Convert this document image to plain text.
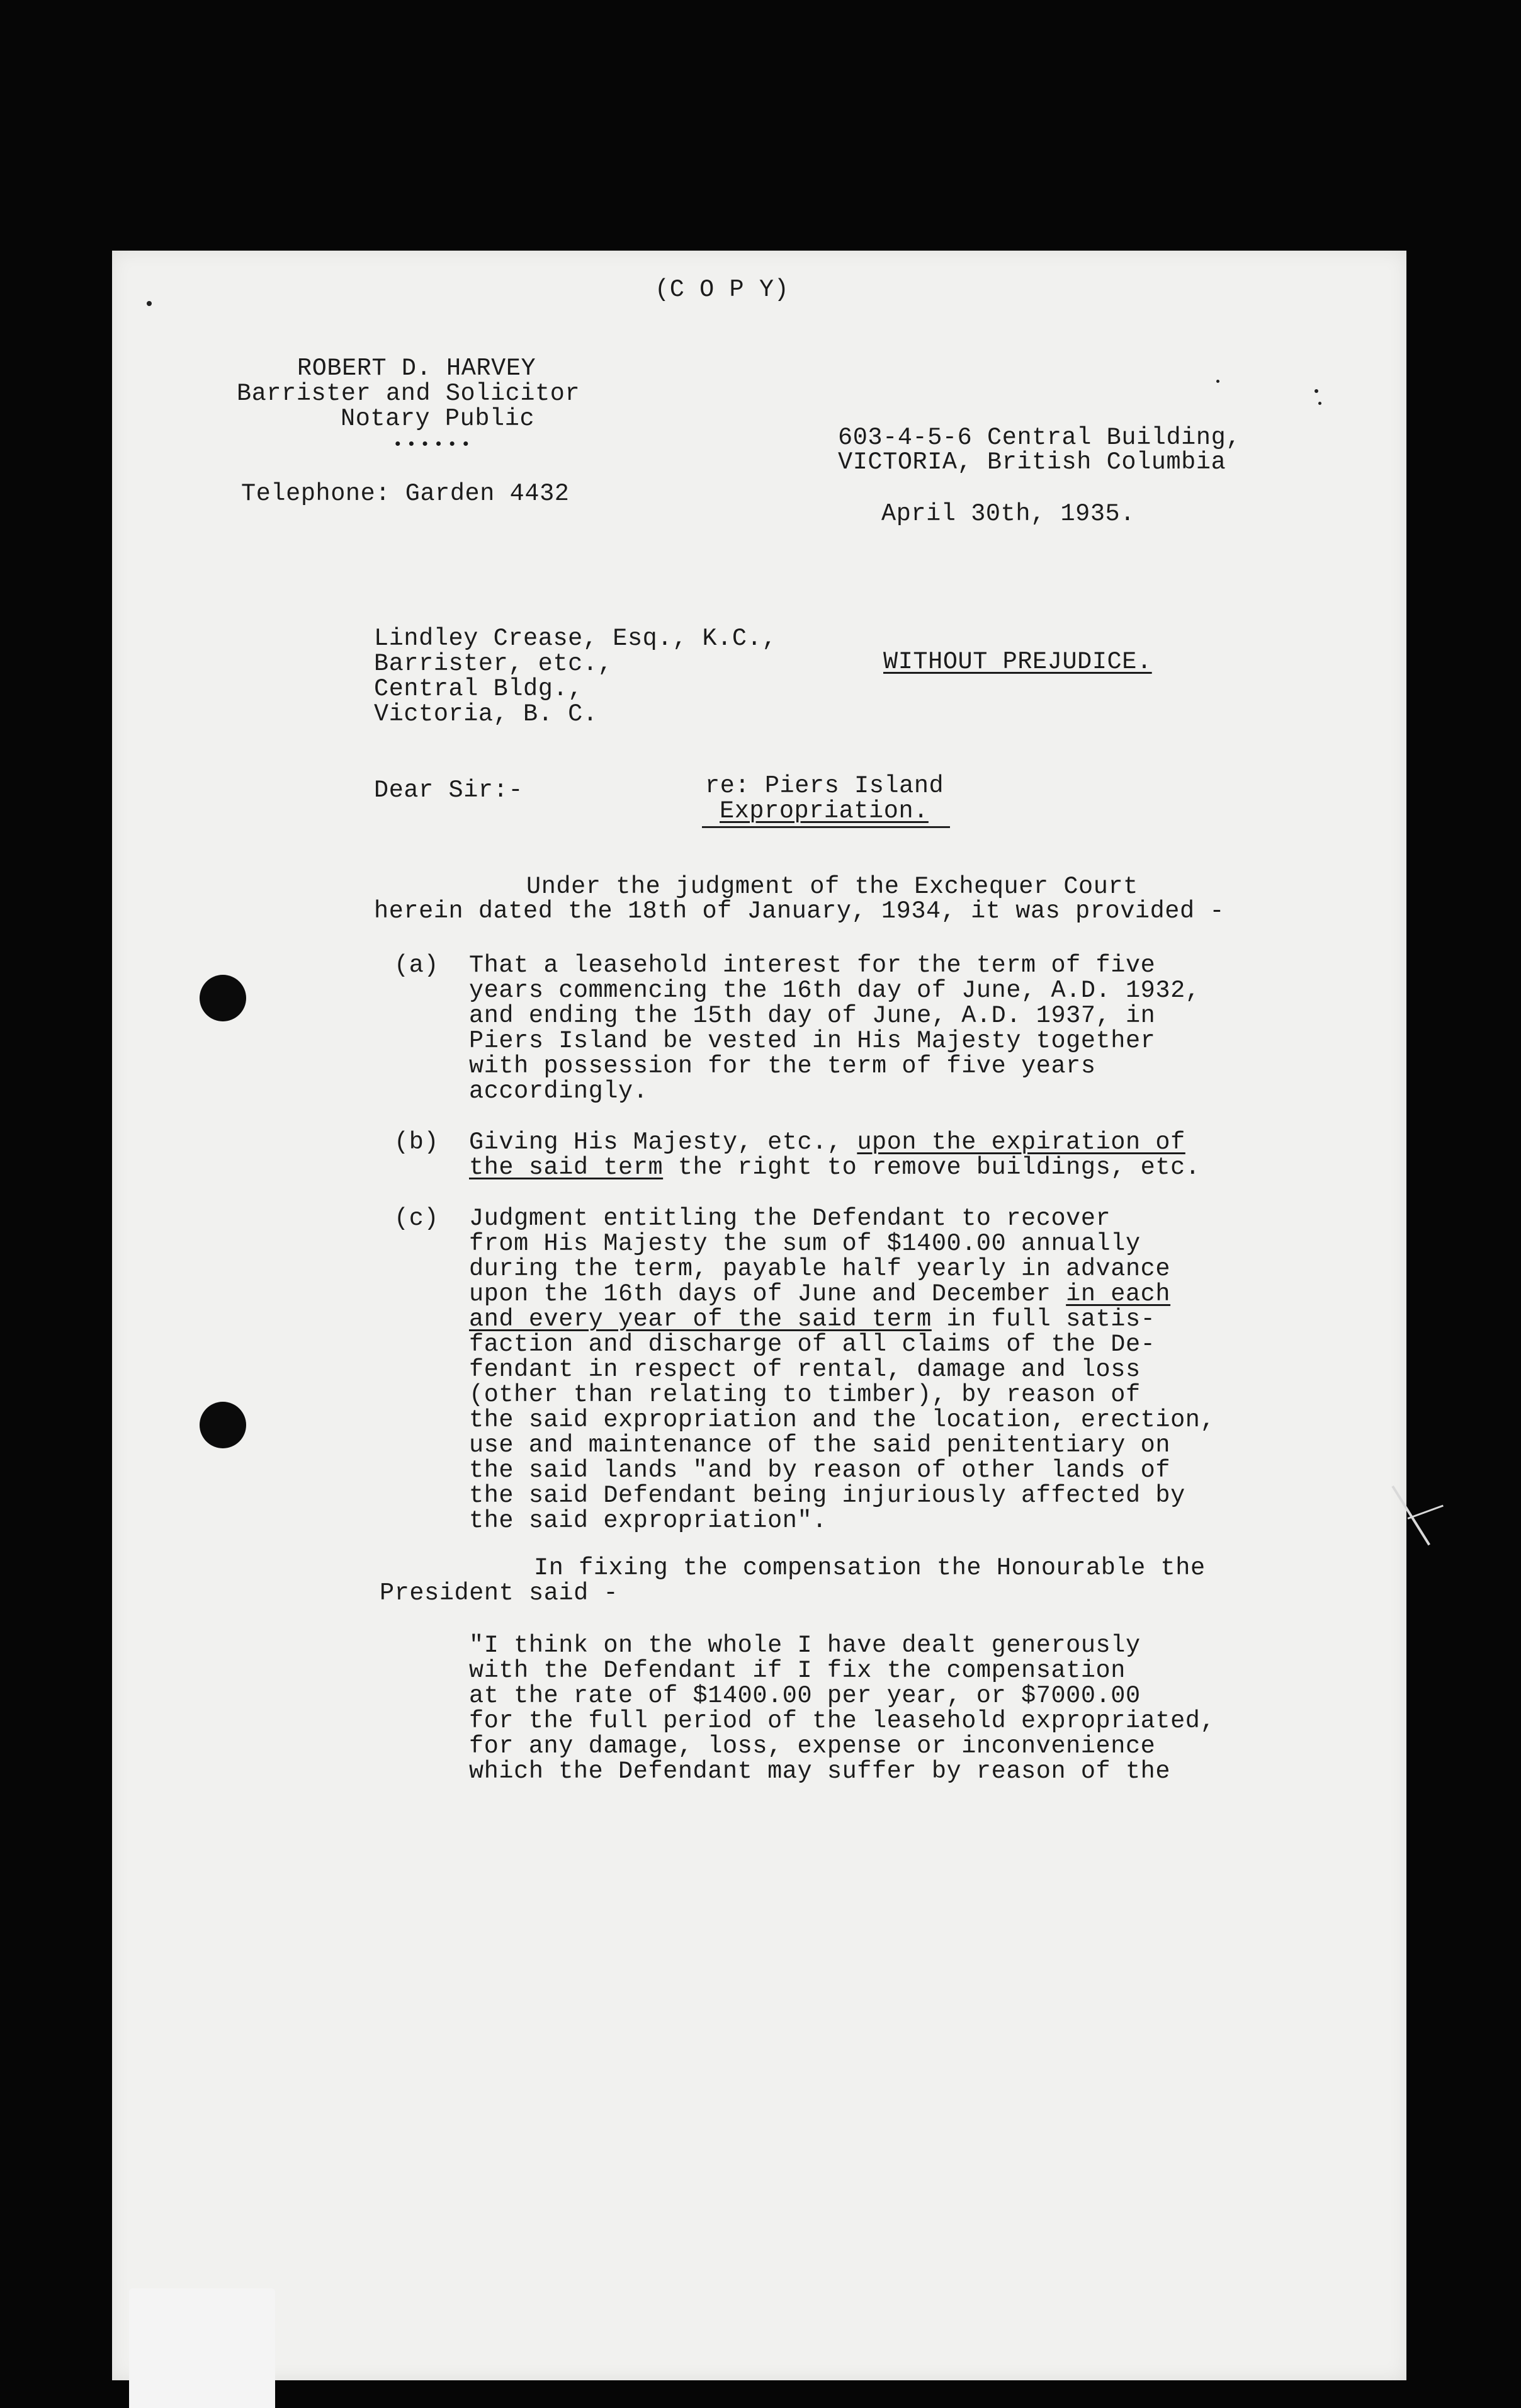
(C O P Y)

ROBERT D. HARVEY

Barrister and Solicitor

Notary Public

••••••

Telephone: Garden 4432

603-4-5-6 Central Building,

VICTORIA, British Columbia

April 30th, 1935.

Lindley Crease, Esq., K.C.,

Barrister, etc.,

Central Bldg.,

Victoria, B. C.

WITHOUT PREJUDICE.

Dear Sir:-	re: Piers Island

Expropriation.

Under the judgment of the Exchequer Court

herein dated the 18th of January, 1934, it was provided -

(a) That a leasehold interest for the term of five

years commencing the 16th day of June, A.D. 1932,

and ending the 15th day of June, A.D. 1937, in

Piers Island be vested in His Majesty together

with possession for the term of five years

accordingly.

(b) Giving His Majesty, etc., upon the expiration of

the said term the right to remove buildings, etc.

(c) Judgment entitling the Defendant to recover

from His Majesty the sum of $1400.00 annually

during the term, payable half yearly in advance

upon the 16th days of June and December in each

and every year of the said term in full satis-

faction and discharge of all claims of the De-

fendant in respect of rental, damage and loss

(other than relating to timber), by reason of

the said expropriation and the location, erection,

use and maintenance of the said penitentiary on

the said lands "and by reason of other lands of

the said Defendant being injuriously affected by

the said expropriation".

In fixing the compensation the Honourable the

President said -

"I think on the whole I have dealt generously

with the Defendant if I fix the compensation

at the rate of $1400.00 per year, or $7000.00

for the full period of the leasehold expropriated,

for any damage, loss, expense or inconvenience

which the Defendant may suffer by reason of the
